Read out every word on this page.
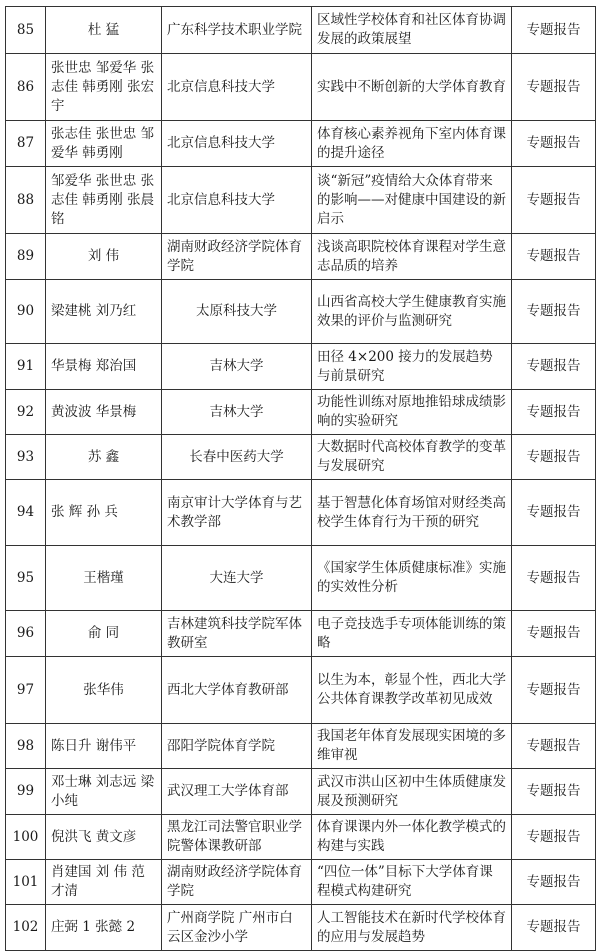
85	杜 猛	广东科学技术职业学院	区域性学校体育和社区体育协调发展的政策展望	专题报告
86	张世忠 邹爱华 张志佳 韩勇刚 张宏宇	北京信息科技大学	实践中不断创新的大学体育教育	专题报告
87	张志佳 张世忠 邹爱华 韩勇刚	北京信息科技大学	体育核心素养视角下室内体育课的提升途径	专题报告
88	邹爱华 张世忠 张志佳 韩勇刚 张晨铭	北京信息科技大学	谈“新冠”疫情给大众体育带来的影响——对健康中国建设的新启示	专题报告
89	刘 伟	湖南财政经济学院体育学院	浅谈高职院校体育课程对学生意志品质的培养	专题报告
90	梁建桃 刘乃红	太原科技大学	山西省高校大学生健康教育实施效果的评价与监测研究	专题报告
91	华景梅 郑治国	吉林大学	田径 4×200 接力的发展趋势与前景研究	专题报告
92	黄波波 华景梅	吉林大学	功能性训练对原地推铅球成绩影响的实验研究	专题报告
93	苏 鑫	长春中医药大学	大数据时代高校体育教学的变革与发展研究	专题报告
94	张 辉 孙 兵	南京审计大学体育与艺术教学部	基于智慧化体育场馆对财经类高校学生体育行为干预的研究	专题报告
95	王楷瑾	大连大学	《国家学生体质健康标准》实施的实效性分析	专题报告
96	俞 同	吉林建筑科技学院军体教研室	电子竞技选手专项体能训练的策略	专题报告
97	张华伟	西北大学体育教研部	以生为本，彰显个性，西北大学公共体育课教学改革初见成效	专题报告
98	陈日升 谢伟平	邵阳学院体育学院	我国老年体育发展现实困境的多维审视	专题报告
99	邓士琳 刘志远 梁小纯	武汉理工大学体育部	武汉市洪山区初中生体质健康发展及预测研究	专题报告
100	倪洪飞 黄文彦	黑龙江司法警官职业学院警体课教研部	体育课课内外一体化教学模式的构建与实践	专题报告
101	肖建国 刘 伟 范才清	湖南财政经济学院体育学院	“四位一体”目标下大学体育课程模式构建研究	专题报告
102	庄弼 1 张懿 2	广州商学院 广州市白云区金沙小学	人工智能技术在新时代学校体育的应用与发展趋势	专题报告
